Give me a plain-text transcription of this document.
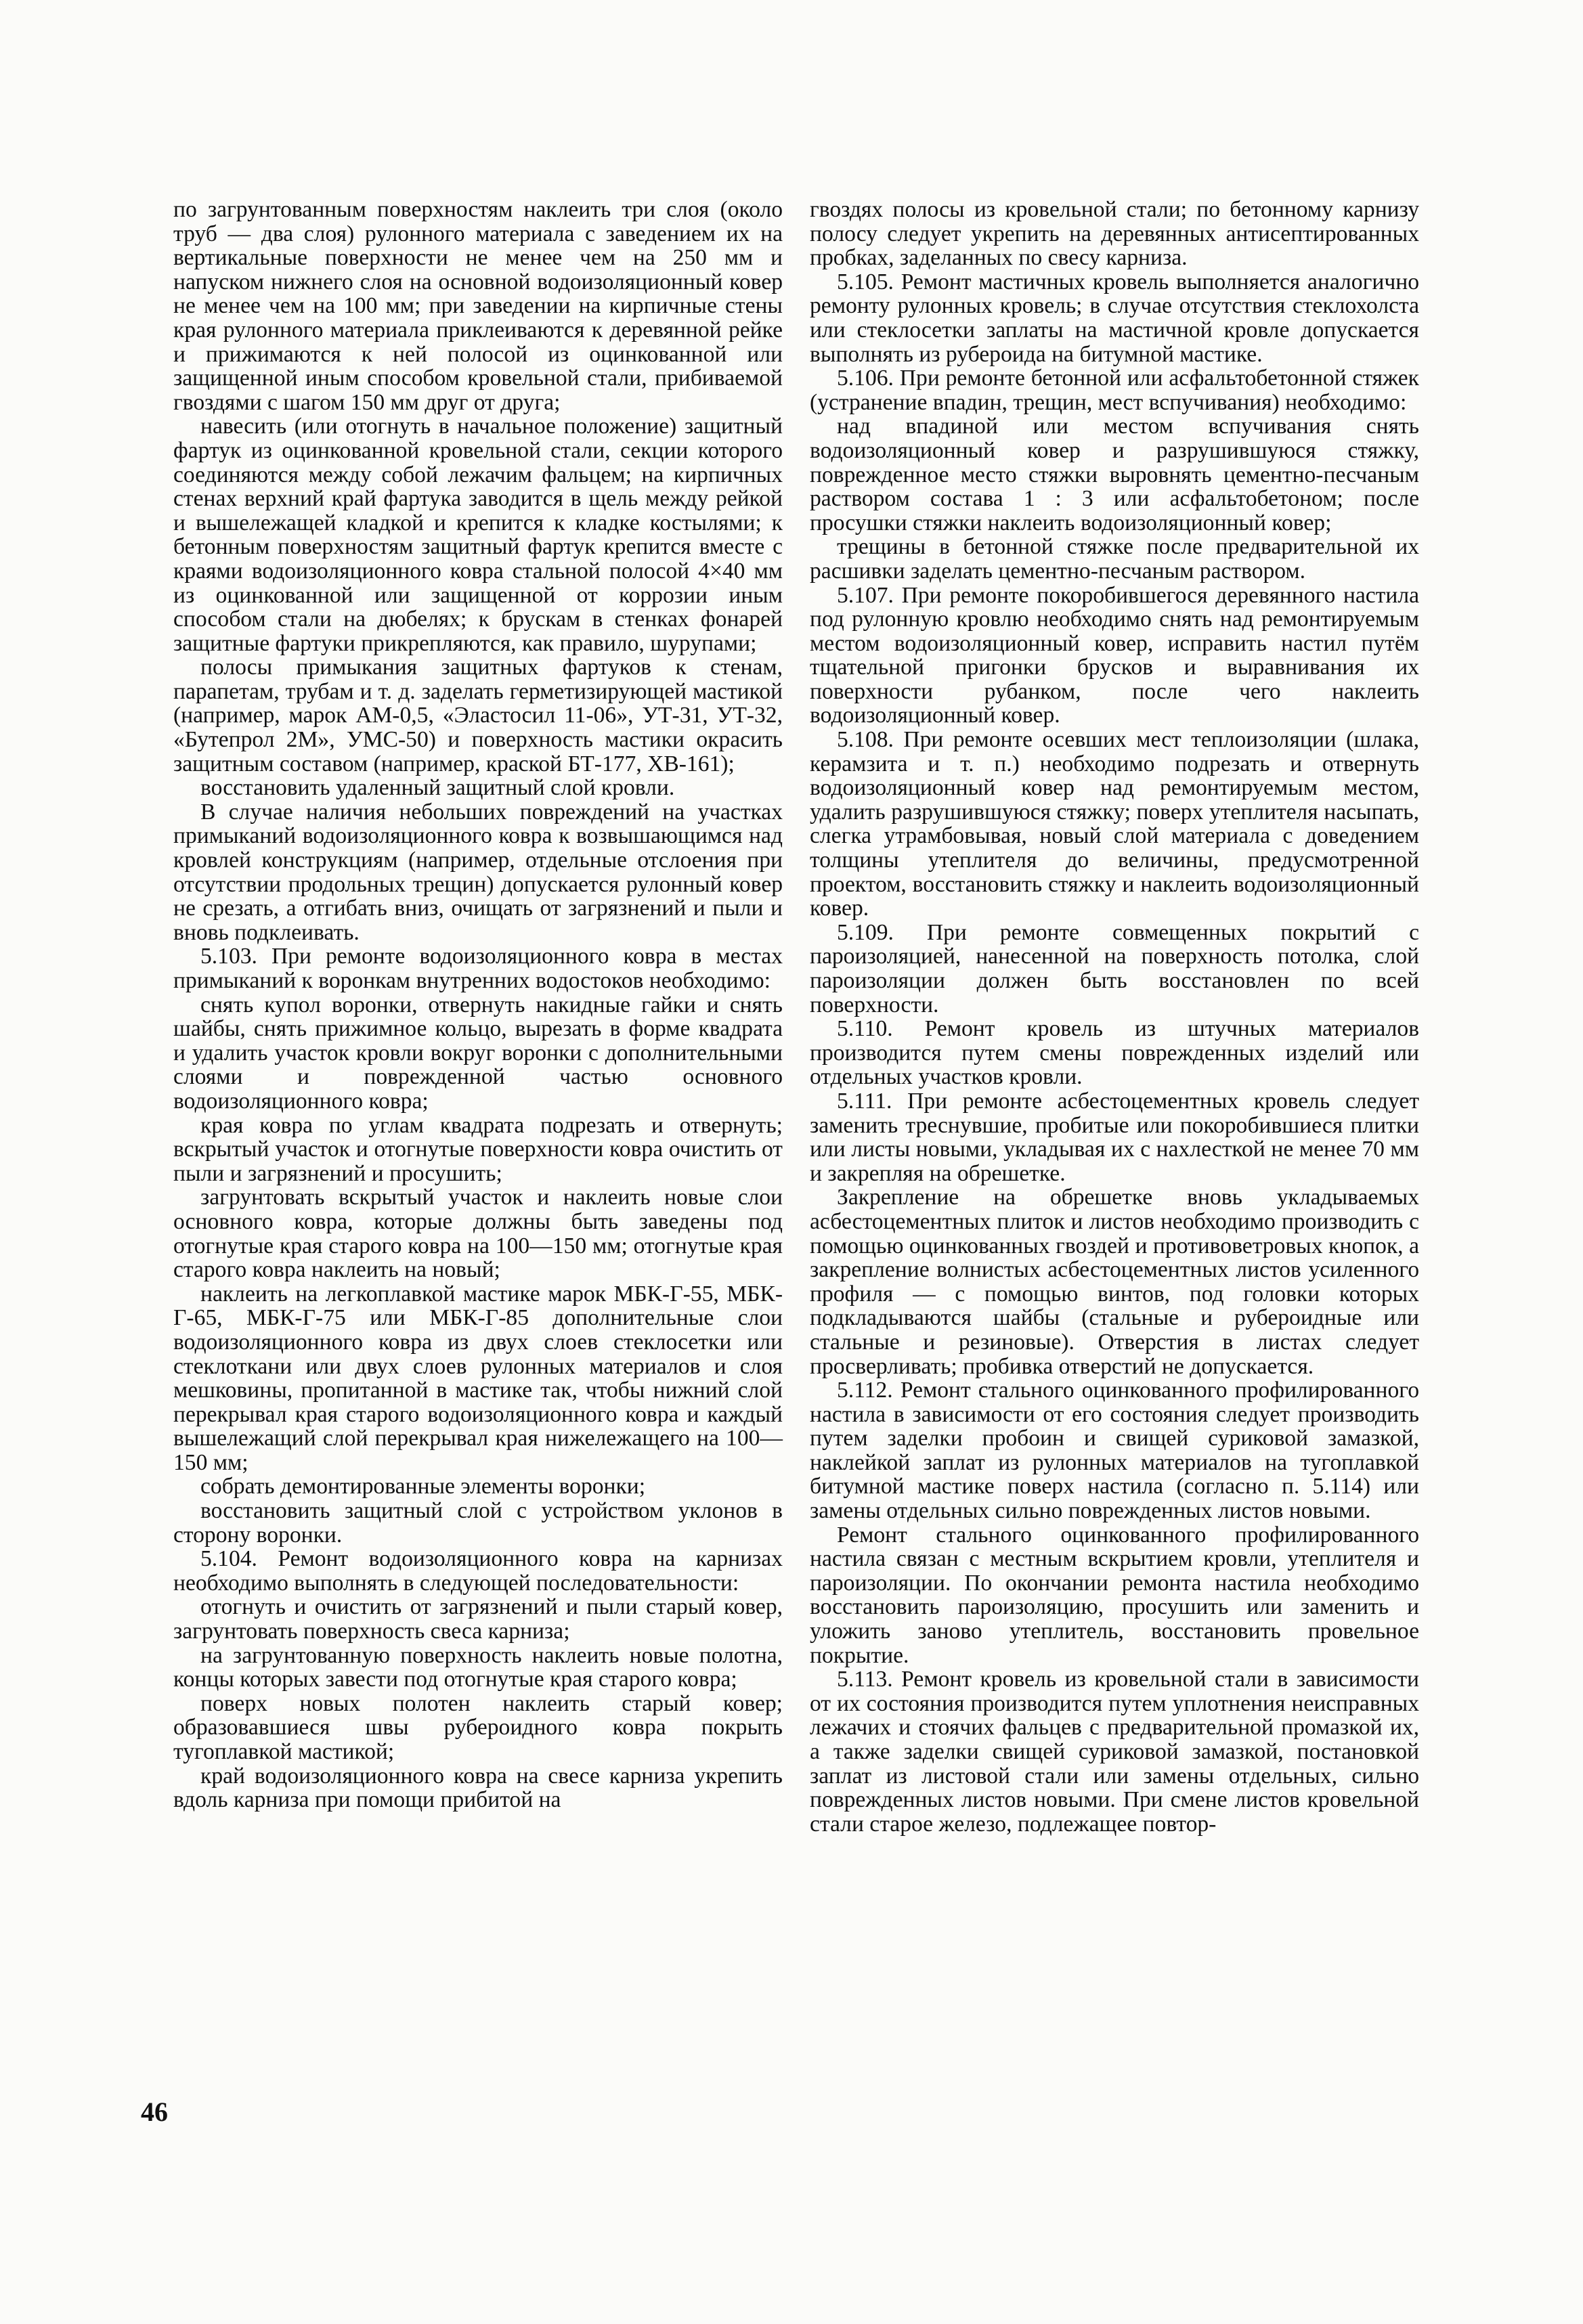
по загрунтованным поверхностям наклеить три слоя (около труб — два слоя) рулонного материала с заведением их на вертикальные поверхности не менее чем на 250 мм и напуском нижнего слоя на основной водоизоляционный ковер не менее чем на 100 мм; при заведении на кирпичные стены края рулонного материала приклеиваются к деревянной рейке и прижимаются к ней полосой из оцинкованной или защищенной иным способом кровельной стали, прибиваемой гвоздями с шагом 150 мм друг от друга;

навесить (или отогнуть в начальное положение) защитный фартук из оцинкованной кровельной стали, секции которого соединяются между собой лежачим фальцем; на кирпичных стенах верхний край фартука заводится в щель между рейкой и вышележащей кладкой и крепится к кладке костылями; к бетонным поверхностям защитный фартук крепится вместе с краями водоизоляционного ковра стальной полосой 4×40 мм из оцинкованной или защищенной от коррозии иным способом стали на дюбелях; к брускам в стенках фонарей защитные фартуки прикрепляются, как правило, шурупами;

полосы примыкания защитных фартуков к стенам, парапетам, трубам и т. д. заделать герметизирующей мастикой (например, марок АМ-0,5, «Эластосил 11-06», УТ-31, УТ-32, «Бутепрол 2М», УМС-50) и поверхность мастики окрасить защитным составом (например, краской БТ-177, ХВ-161);

восстановить удаленный защитный слой кровли.

В случае наличия небольших повреждений на участках примыканий водоизоляционного ковра к возвышающимся над кровлей конструкциям (например, отдельные отслоения при отсутствии продольных трещин) допускается рулонный ковер не срезать, а отгибать вниз, очищать от загрязнений и пыли и вновь подклеивать.

5.103. При ремонте водоизоляционного ковра в местах примыканий к воронкам внутренних водостоков необходимо:

снять купол воронки, отвернуть накидные гайки и снять шайбы, снять прижимное кольцо, вырезать в форме квадрата и удалить участок кровли вокруг воронки с дополнительными слоями и поврежденной частью основного водоизоляционного ковра;

края ковра по углам квадрата подрезать и отвернуть; вскрытый участок и отогнутые поверхности ковра очистить от пыли и загрязнений и просушить;

загрунтовать вскрытый участок и наклеить новые слои основного ковра, которые должны быть заведены под отогнутые края старого ковра на 100—150 мм; отогнутые края старого ковра наклеить на новый;

наклеить на легкоплавкой мастике марок МБК-Г-55, МБК-Г-65, МБК-Г-75 или МБК-Г-85 дополнительные слои водоизоляционного ковра из двух слоев стеклосетки или стеклоткани или двух слоев рулонных материалов и слоя мешковины, пропитанной в мастике так, чтобы нижний слой перекрывал края старого водоизоляционного ковра и каждый вышележащий слой перекрывал края нижележащего на 100—150 мм;

собрать демонтированные элементы воронки;

восстановить защитный слой с устройством уклонов в сторону воронки.

5.104. Ремонт водоизоляционного ковра на карнизах необходимо выполнять в следующей последовательности:

отогнуть и очистить от загрязнений и пыли старый ковер, загрунтовать поверхность свеса карниза;

на загрунтованную поверхность наклеить новые полотна, концы которых завести под отогнутые края старого ковра;

поверх новых полотен наклеить старый ковер; образовавшиеся швы рубероидного ковра покрыть тугоплавкой мастикой;

край водоизоляционного ковра на свесе карниза укрепить вдоль карниза при помощи прибитой на

гвоздях полосы из кровельной стали; по бетонному карнизу полосу следует укрепить на деревянных антисептированных пробках, заделанных по свесу карниза.

5.105. Ремонт мастичных кровель выполняется аналогично ремонту рулонных кровель; в случае отсутствия стеклохолста или стеклосетки заплаты на мастичной кровле допускается выполнять из рубероида на битумной мастике.

5.106. При ремонте бетонной или асфальтобетонной стяжек (устранение впадин, трещин, мест вспучивания) необходимо:

над впадиной или местом вспучивания снять водоизоляционный ковер и разрушившуюся стяжку, поврежденное место стяжки выровнять цементно-песчаным раствором состава 1 : 3 или асфальтобетоном; после просушки стяжки наклеить водоизоляционный ковер;

трещины в бетонной стяжке после предварительной их расшивки заделать цементно-песчаным раствором.

5.107. При ремонте покоробившегося деревянного настила под рулонную кровлю необходимо снять над ремонтируемым местом водоизоляционный ковер, исправить настил путём тщательной пригонки брусков и выравнивания их поверхности рубанком, после чего наклеить водоизоляционный ковер.

5.108. При ремонте осевших мест теплоизоляции (шлака, керамзита и т. п.) необходимо подрезать и отвернуть водоизоляционный ковер над ремонтируемым местом, удалить разрушившуюся стяжку; поверх утеплителя насыпать, слегка утрамбовывая, новый слой материала с доведением толщины утеплителя до величины, предусмотренной проектом, восстановить стяжку и наклеить водоизоляционный ковер.

5.109. При ремонте совмещенных покрытий с пароизоляцией, нанесенной на поверхность потолка, слой пароизоляции должен быть восстановлен по всей поверхности.

5.110. Ремонт кровель из штучных материалов производится путем смены поврежденных изделий или отдельных участков кровли.

5.111. При ремонте асбестоцементных кровель следует заменить треснувшие, пробитые или покоробившиеся плитки или листы новыми, укладывая их с нахлесткой не менее 70 мм и закрепляя на обрешетке.

Закрепление на обрешетке вновь укладываемых асбестоцементных плиток и листов необходимо производить с помощью оцинкованных гвоздей и противоветровых кнопок, а закрепление волнистых асбестоцементных листов усиленного профиля — с помощью винтов, под головки которых подкладываются шайбы (стальные и рубероидные или стальные и резиновые). Отверстия в листах следует просверливать; пробивка отверстий не допускается.

5.112. Ремонт стального оцинкованного профилированного настила в зависимости от его состояния следует производить путем заделки пробоин и свищей суриковой замазкой, наклейкой заплат из рулонных материалов на тугоплавкой битумной мастике поверх настила (согласно п. 5.114) или замены отдельных сильно поврежденных листов новыми.

Ремонт стального оцинкованного профилированного настила связан с местным вскрытием кровли, утеплителя и пароизоляции. По окончании ремонта настила необходимо восстановить пароизоляцию, просушить или заменить и уложить заново утеплитель, восстановить провельное покрытие.

5.113. Ремонт кровель из кровельной стали в зависимости от их состояния производится путем уплотнения неисправных лежачих и стоячих фальцев с предварительной промазкой их, а также заделки свищей суриковой замазкой, постановкой заплат из листовой стали или замены отдельных, сильно поврежденных листов новыми. При смене листов кровельной стали старое железо, подлежащее повтор-

46
